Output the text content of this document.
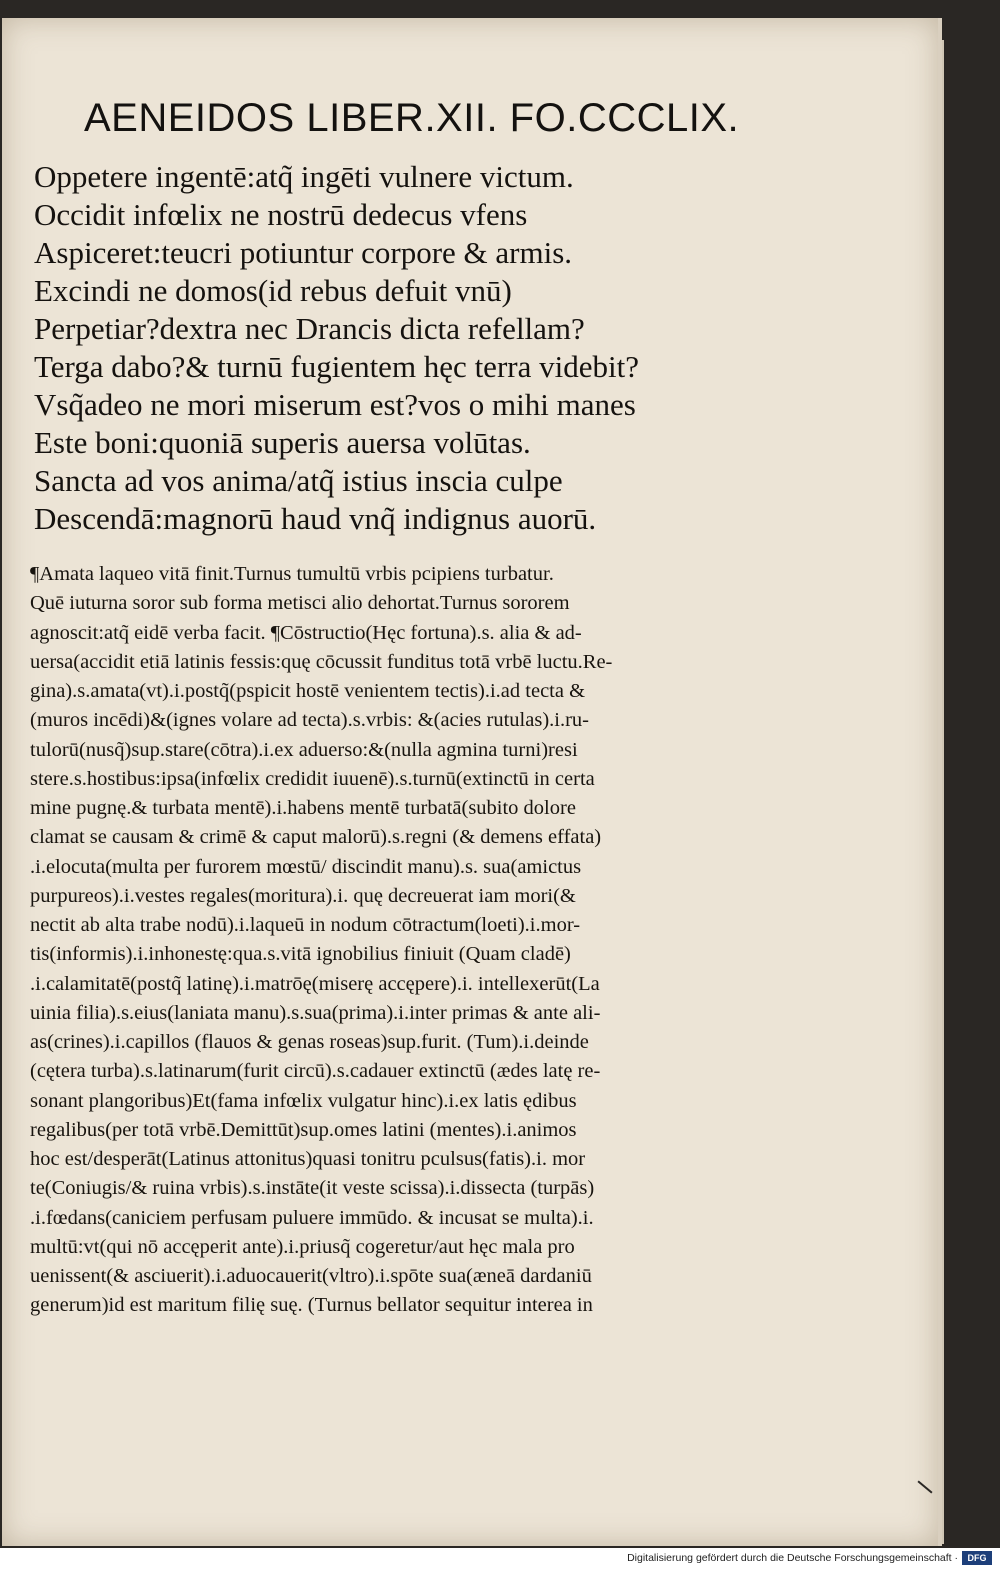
AENEIDOS LIBER.XII. FO.CCCLIX.
Oppetere ingentē:atq̃ ingēti vulnere victum.
Occidit infœlix ne nostrū dedecus vfens
Aspiceret:teucri potiuntur corpore & armis.
Excindi ne domos(id rebus defuit vnū)
Perpetiar?dextra nec Drancis dicta refellam?
Terga dabo?& turnū fugientem hęc terra videbit?
Vsq̃adeo ne mori miserum est?vos o mihi manes
Este boni:quoniā superis auersa volūtas.
Sancta ad vos anima/atq̃ istius inscia culpe
Descendā:magnorū haud vnq̃ indignus auorū.
¶Amata laqueo vitā finit.Turnus tumultū vrbis pcipiens turbatur.
Quē iuturna soror sub forma metisci alio dehortat.Turnus sororem
agnoscit:atq̃ eidē verba facit. ¶Cōstructio(Hęc fortuna).s. alia & ad-
uersa(accidit etiā latinis fessis:quę cōcussit funditus totā vrbē luctu.Re-
gina).s.amata(vt).i.postq̃(pspicit hostē venientem tectis).i.ad tecta &
(muros incēdi)&(ignes volare ad tecta).s.vrbis: &(acies rutulas).i.ru-
tulorū(nusq̃)sup.stare(cōtra).i.ex aduerso:&(nulla agmina turni)resi
stere.s.hostibus:ipsa(infœlix credidit iuuenē).s.turnū(extinctū in certa
mine pugnę.& turbata mentē).i.habens mentē turbatā(subito dolore
clamat se causam & crimē & caput malorū).s.regni (& demens effata)
.i.elocuta(multa per furorem mœstū/ discindit manu).s. sua(amictus
purpureos).i.vestes regales(moritura).i. quę decreuerat iam mori(&
nectit ab alta trabe nodū).i.laqueū in nodum cōtractum(loeti).i.mor-
tis(informis).i.inhonestę:qua.s.vitā ignobilius finiuit (Quam cladē)
.i.calamitatē(postq̃ latinę).i.matrōę(miserę accępere).i. intellexerūt(La
uinia filia).s.eius(laniata manu).s.sua(prima).i.inter primas & ante ali-
as(crines).i.capillos (flauos & genas roseas)sup.furit. (Tum).i.deinde
(cętera turba).s.latinarum(furit circū).s.cadauer extinctū (ædes latę re-
sonant plangoribus)Et(fama infœlix vulgatur hinc).i.ex latis ędibus
regalibus(per totā vrbē.Demittūt)sup.omes latini (mentes).i.animos
hoc est/desperāt(Latinus attonitus)quasi tonitru pculsus(fatis).i. mor
te(Coniugis/& ruina vrbis).s.instāte(it veste scissa).i.dissecta (turpās)
.i.fœdans(caniciem perfusam puluere immūdo. & incusat se multa).i.
multū:vt(qui nō accęperit ante).i.priusq̃ cogeretur/aut hęc mala pro
uenissent(& asciuerit).i.aduocauerit(vltro).i.spōte sua(æneā dardaniū
generum)id est maritum filię suę. (Turnus bellator sequitur interea in
Digitalisierung gefördert durch die Deutsche Forschungsgemeinschaft ·	DFG
